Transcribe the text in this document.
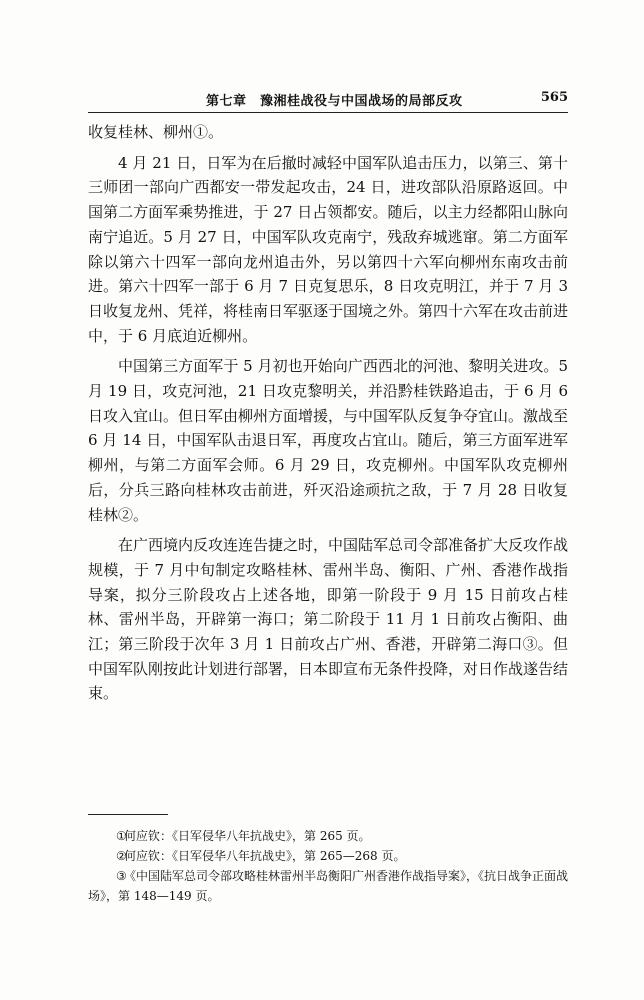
第七章　豫湘桂战役与中国战场的局部反攻	565

收复桂林、柳州①。

4 月 21 日，日军为在后撤时减轻中国军队追击压力，以第三、第十三师团一部向广西都安一带发起攻击，24 日，进攻部队沿原路返回。中国第二方面军乘势推进，于 27 日占领都安。随后，以主力经都阳山脉向南宁追近。5 月 27 日，中国军队攻克南宁，残敌弃城逃窜。第二方面军除以第六十四军一部向龙州追击外，另以第四十六军向柳州东南攻击前进。第六十四军一部于 6 月 7 日克复思乐，8 日攻克明江，并于 7 月 3 日收复龙州、凭祥，将桂南日军驱逐于国境之外。第四十六军在攻击前进中，于 6 月底迫近柳州。

中国第三方面军于 5 月初也开始向广西西北的河池、黎明关进攻。5 月 19 日，攻克河池，21 日攻克黎明关，并沿黔桂铁路追击，于 6 月 6 日攻入宜山。但日军由柳州方面增援，与中国军队反复争夺宜山。激战至 6 月 14 日，中国军队击退日军，再度攻占宜山。随后，第三方面军进军柳州，与第二方面军会师。6 月 29 日，攻克柳州。中国军队攻克柳州后，分兵三路向桂林攻击前进，歼灭沿途顽抗之敌，于 7 月 28 日收复桂林②。

在广西境内反攻连连告捷之时，中国陆军总司令部准备扩大反攻作战规模，于 7 月中旬制定攻略桂林、雷州半岛、衡阳、广州、香港作战指导案，拟分三阶段攻占上述各地，即第一阶段于 9 月 15 日前攻占桂林、雷州半岛，开辟第一海口；第二阶段于 11 月 1 日前攻占衡阳、曲江；第三阶段于次年 3 月 1 日前攻占广州、香港，开辟第二海口③。但中国军队刚按此计划进行部署，日本即宣布无条件投降，对日作战遂告结束。

①何应钦：《日军侵华八年抗战史》，第 265 页。

②何应钦：《日军侵华八年抗战史》，第 265—268 页。

③《中国陆军总司令部攻略桂林雷州半岛衡阳广州香港作战指导案》，《抗日战争正面战场》，第 148—149 页。
